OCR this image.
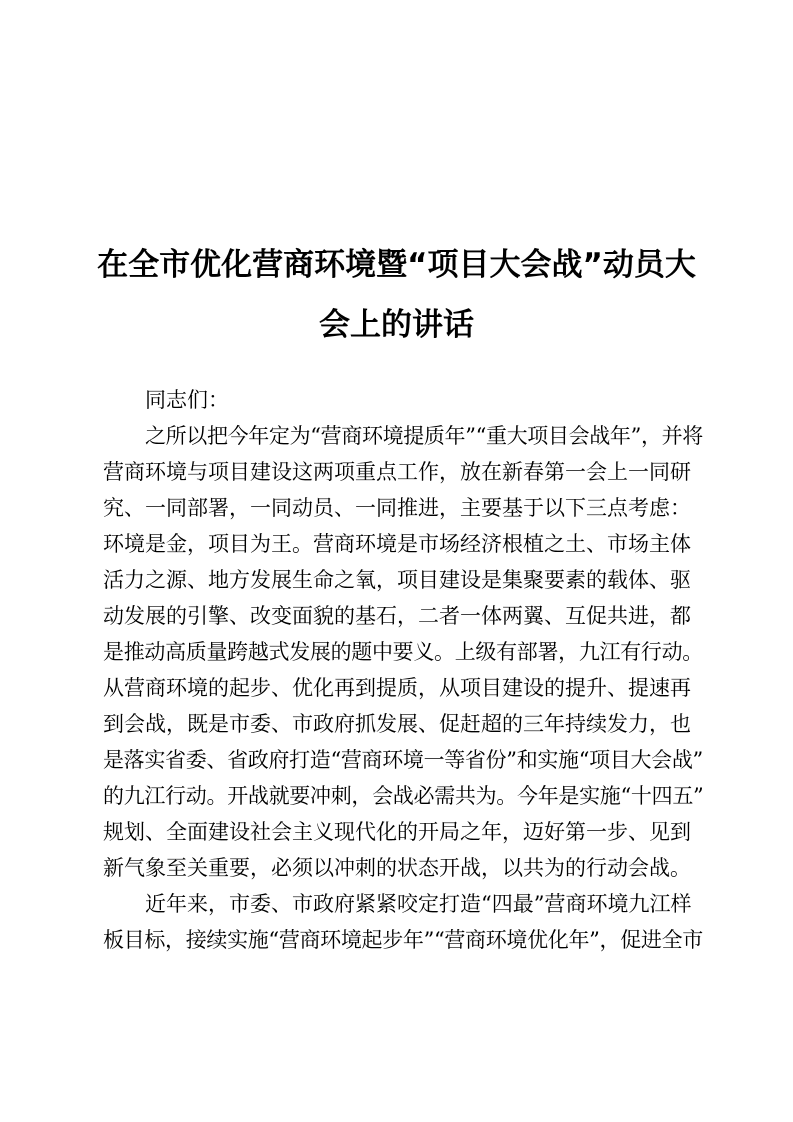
在全市优化营商环境暨“项目大会战”动员大
会上的讲话

同志们：

之所以把今年定为“营商环境提质年”“重大项目会战年”，并将

营商环境与项目建设这两项重点工作，放在新春第一会上一同研

究、一同部署，一同动员、一同推进，主要基于以下三点考虑：

环境是金，项目为王。营商环境是市场经济根植之土、市场主体

活力之源、地方发展生命之氧，项目建设是集聚要素的载体、驱

动发展的引擎、改变面貌的基石，二者一体两翼、互促共进，都

是推动高质量跨越式发展的题中要义。上级有部署，九江有行动。

从营商环境的起步、优化再到提质，从项目建设的提升、提速再

到会战，既是市委、市政府抓发展、促赶超的三年持续发力，也

是落实省委、省政府打造“营商环境一等省份”和实施“项目大会战”

的九江行动。开战就要冲刺，会战必需共为。今年是实施“十四五”

规划、全面建设社会主义现代化的开局之年，迈好第一步、见到

新气象至关重要，必须以冲刺的状态开战，以共为的行动会战。

近年来，市委、市政府紧紧咬定打造“四最”营商环境九江样

板目标，接续实施“营商环境起步年”“营商环境优化年”，促进全市
